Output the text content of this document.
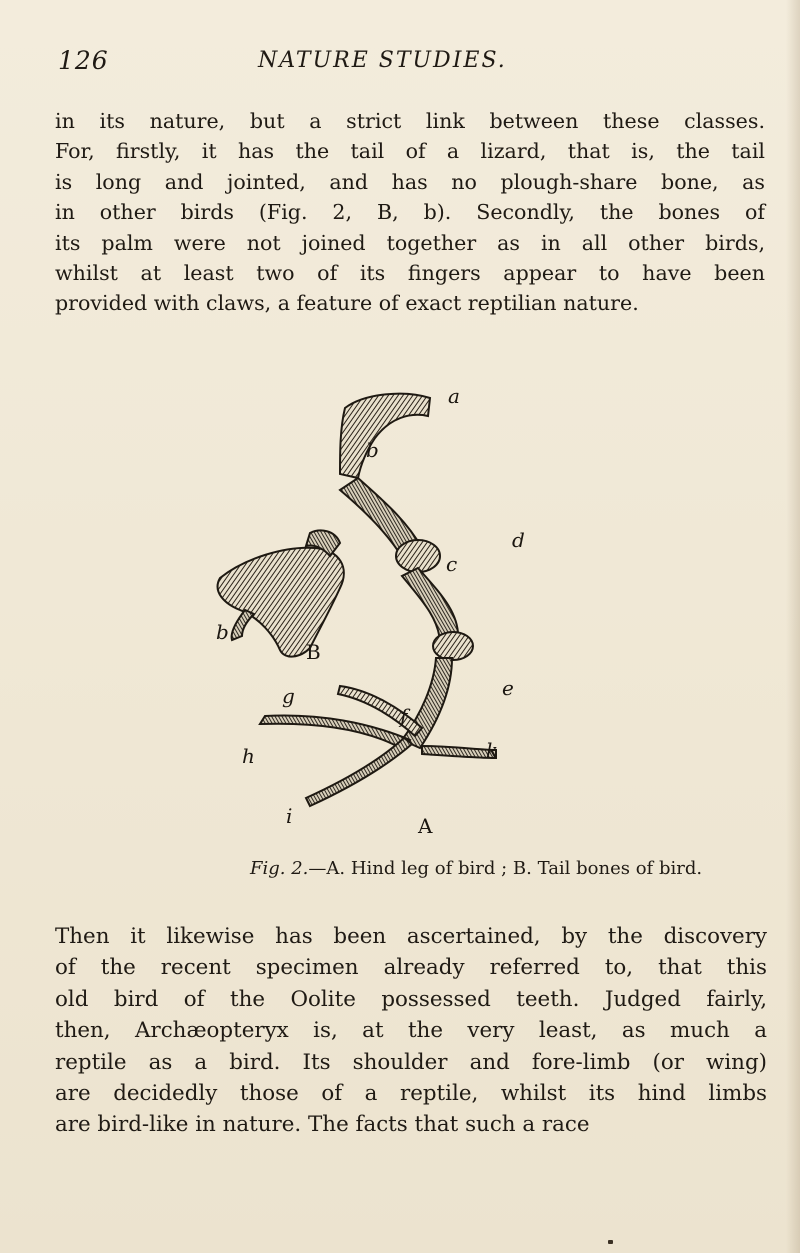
126	NATURE STUDIES.
in its nature, but a strict link between these classes.
For, firstly, it has the tail of a lizard, that is, the tail
is long and jointed, and has no plough-share bone, as
in other birds (Fig. 2, B, b). Secondly, the bones of
its palm were not joined together as in all other birds,
whilst at least two of its fingers appear to have been
provided with claws, a feature of exact reptilian nature.
a
b
d
c
b
B
e
g
f
k
h
i	A
Fig. 2.—A. Hind leg of bird ; B. Tail bones of bird.
Then it likewise has been ascertained, by the discovery
of the recent specimen already referred to, that this
old bird of the Oolite possessed teeth. Judged fairly,
then, Archæopteryx is, at the very least, as much a
reptile as a bird. Its shoulder and fore-limb (or wing)
are decidedly those of a reptile, whilst its hind limbs
are bird-like in nature. The facts that such a race
